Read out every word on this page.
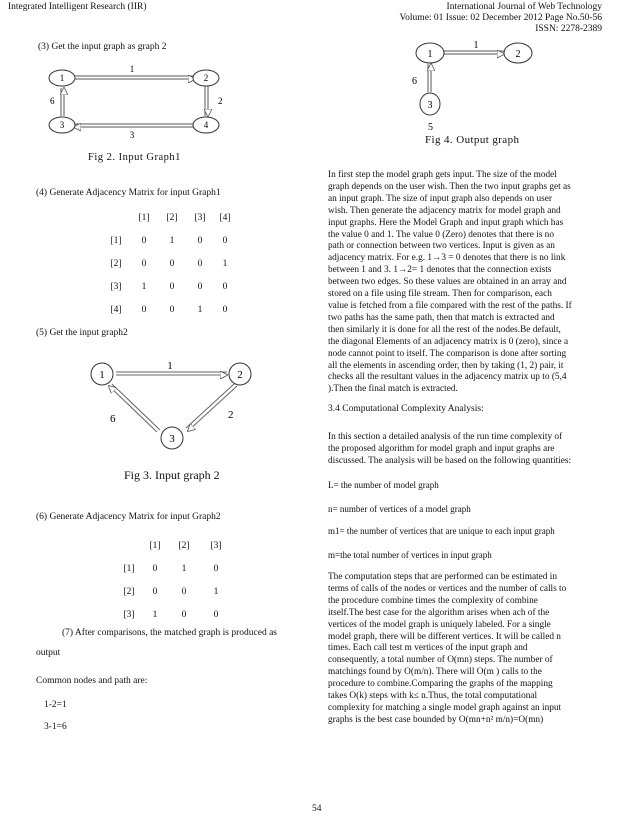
Integrated Intelligent Research (IIR)	International Journal of Web Technology
Volume: 01 Issue: 02 December 2012 Page No.50-56
ISSN: 2278-2389
(3) Get the input graph as graph 2
1	2
3	4
1
2
3
6
Fig 2. Input Graph1
(4) Generate Adjacency Matrix for input Graph1
	[1]	[2]	[3]	[4]
[1]	0	1	0	0
[2]	0	0	0	1
[3]	1	0	0	0
[4]	0	0	1	0
(5) Get the input graph2
1	2
3
1
2
6
Fig 3. Input graph 2
(6) Generate Adjacency Matrix for input Graph2
	[1]	[2]	[3]
[1]	0	1	0
[2]	0	0	1
[3]	1	0	0
(7) After comparisons, the matched graph is produced as
output
Common nodes and path are:
1-2=1
3-1=6
1	2
3
1
6
5
Fig 4. Output graph
In first step the model graph gets input. The size of the model
graph depends on the user wish. Then the two input graphs get as
an input graph. The size of input graph also depends on user
wish. Then generate the adjacency matrix for model graph and
input graphs. Here the Model Graph and input graph which has
the value 0 and 1. The value 0 (Zero) denotes that there is no
path or connection between two vertices. Input is given as an
adjacency matrix. For e.g. 1→3 = 0 denotes that there is no link
between 1 and 3. 1→2= 1 denotes that the connection exists
between two edges. So these values are obtained in an array and
stored on a file using file stream. Then for comparison, each
value is fetched from a file compared with the rest of the paths. If
two paths has the same path, then that match is extracted and
then similarly it is done for all the rest of the nodes.Be default,
the diagonal Elements of an adjacency matrix is 0 (zero), since a
node cannot point to itself. The comparison is done after sorting
all the elements in ascending order, then by taking (1, 2) pair, it
checks all the resultant values in the adjacency matrix up to (5,4
).Then the final match is extracted.
3.4 Computational Complexity Analysis:
In this section a detailed analysis of the run time complexity of
the proposed algorithm for model graph and input graphs are
discussed. The analysis will be based on the following quantities:
L= the number of model graph
n= number of vertices of a model graph
m1= the number of vertices that are unique to each input graph
m=the total number of vertices in input graph
The computation steps that are performed can be estimated in
terms of calls of the nodes or vertices and the number of calls to
the procedure combine times the complexity of combine
itself.The best case for the algorithm arises when ach of the
vertices of the model graph is uniquely labeled. For a single
model graph, there will be different vertices. It will be called n
times. Each call test m vertices of the input graph and
consequently, a total number of O(mn) steps. The number of
matchings found by O(m/n). There will O(m ) calls to the
procedure to combine.Comparing the graphs of the mapping
takes O(k) steps with k≤ n.Thus, the total computational
complexity for matching a single model graph against an input
graphs is the best case bounded by O(mn+n² m/n)=O(mn)
54
